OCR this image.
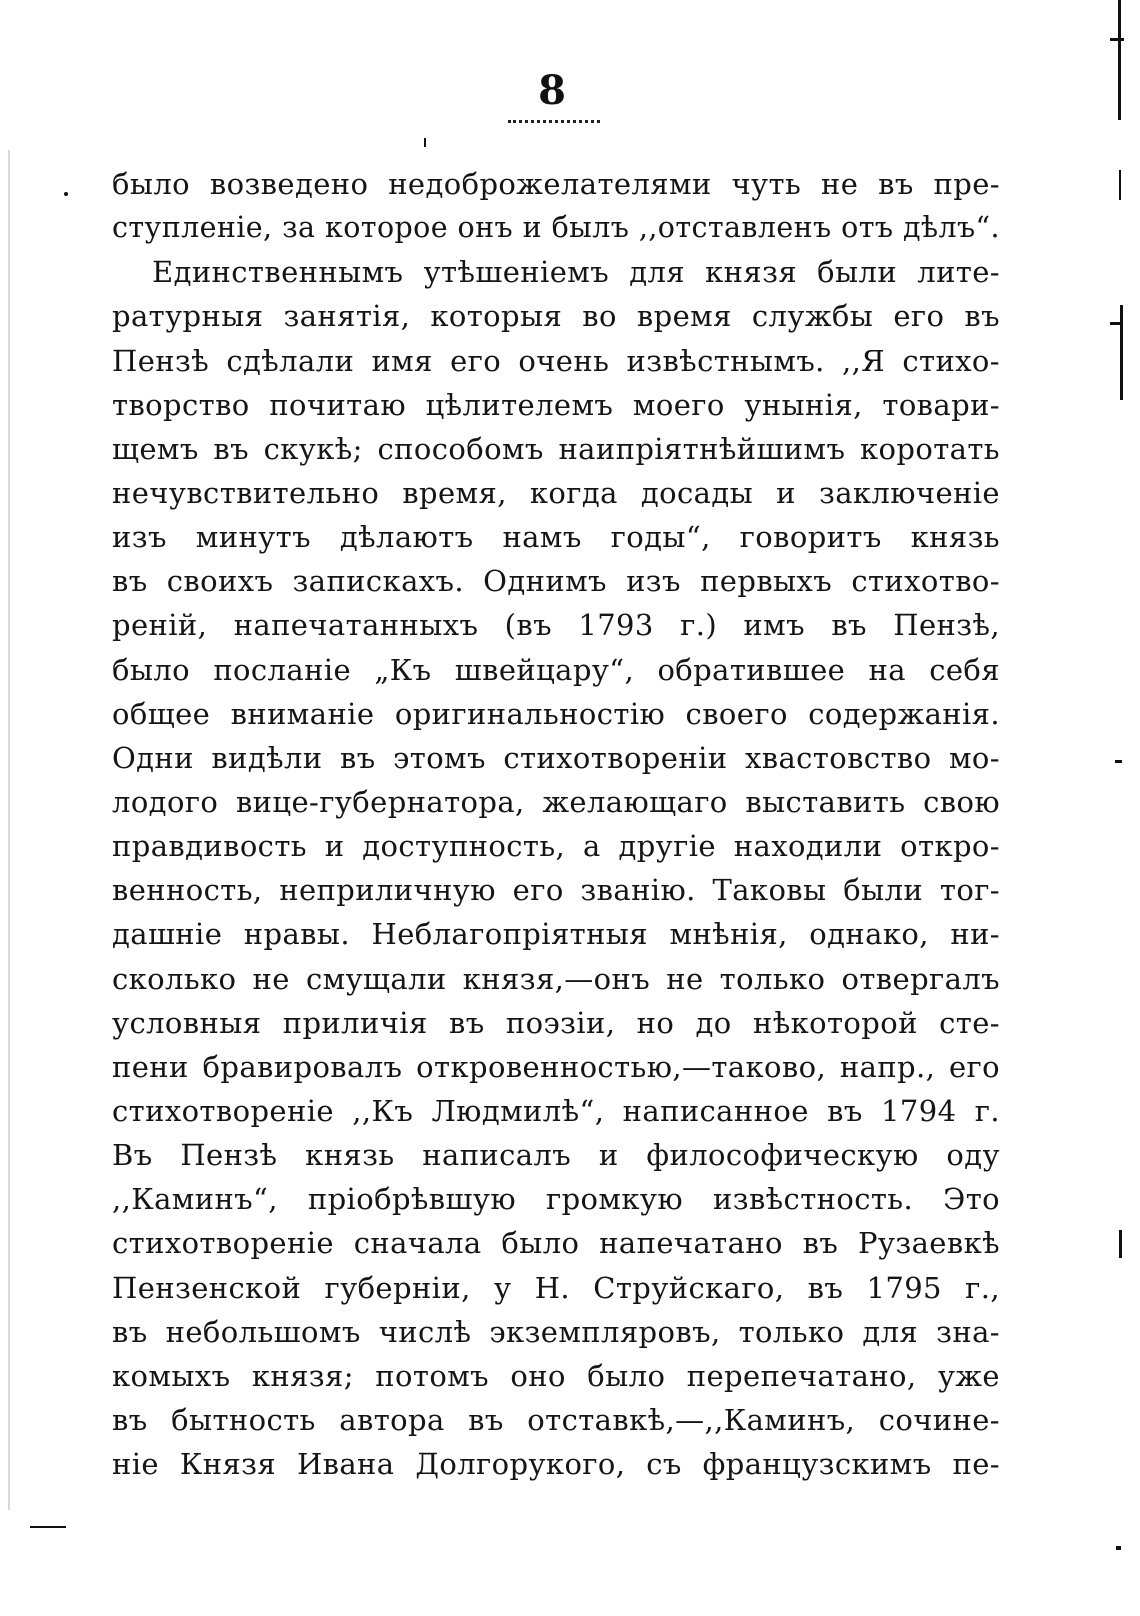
8
было возведено недоброжелателями чуть не въ пре-
ступленіе, за которое онъ и былъ ,,отставленъ отъ дѣлъ“.
Единственнымъ утѣшеніемъ для князя были лите-
ратурныя занятія, которыя во время службы его въ
Пензѣ сдѣлали имя его очень извѣстнымъ. ,,Я стихо-
творство почитаю цѣлителемъ моего унынія, товари-
щемъ въ скукѣ; способомъ наипріятнѣйшимъ коротать
нечувствительно время, когда досады и заключеніе
изъ минутъ дѣлаютъ намъ годы“, говоритъ князь
въ своихъ запискахъ. Однимъ изъ первыхъ стихотво-
реній, напечатанныхъ (въ 1793 г.) имъ въ Пензѣ,
было посланіе „Къ швейцару“, обратившее на себя
общее вниманіе оригинальностію своего содержанія.
Одни видѣли въ этомъ стихотвореніи хвастовство мо-
лодого вице-губернатора, желающаго выставить свою
правдивость и доступность, а другіе находили откро-
венность, неприличную его званію. Таковы были тог-
дашніе нравы. Неблагопріятныя мнѣнія, однако, ни-
сколько не смущали князя,—онъ не только отвергалъ
условныя приличія въ поэзіи, но до нѣкоторой сте-
пени бравировалъ откровенностью,—таково, напр., его
стихотвореніе ,,Къ Людмилѣ“, написанное въ 1794 г.
Въ Пензѣ князь написалъ и философическую оду
,,Каминъ“, пріобрѣвшую громкую извѣстность. Это
стихотвореніе сначала было напечатано въ Рузаевкѣ
Пензенской губерніи, у Н. Струйскаго, въ 1795 г.,
въ небольшомъ числѣ экземпляровъ, только для зна-
комыхъ князя; потомъ оно было перепечатано, уже
въ бытность автора въ отставкѣ,—,,Каминъ, сочине-
ніе Князя Ивана Долгорукого, съ французскимъ пе-
